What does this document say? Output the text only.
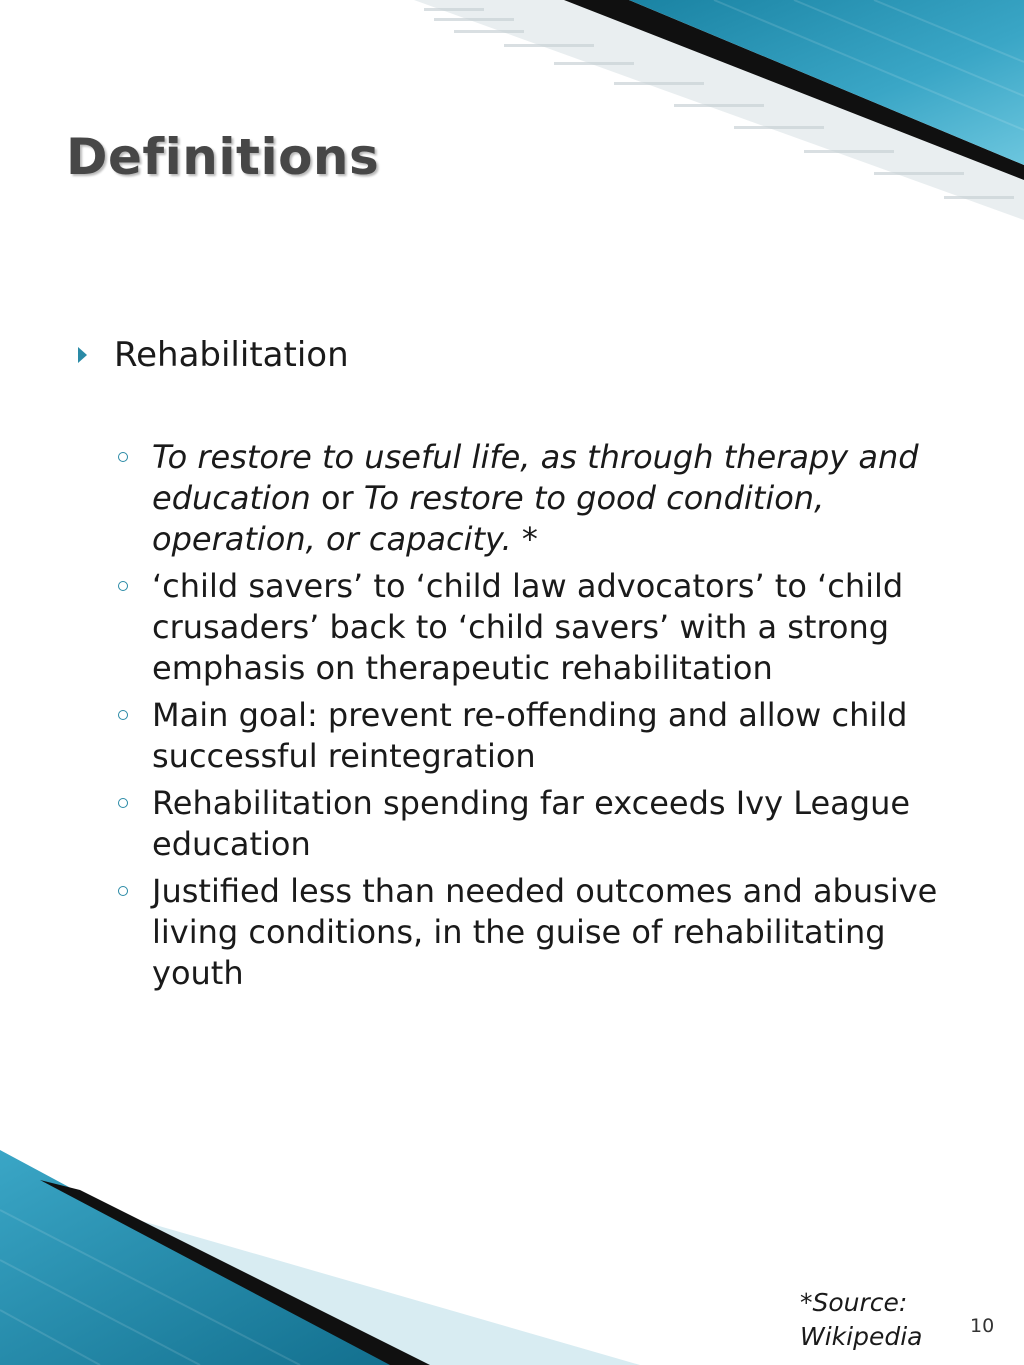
Definitions
Rehabilitation
To restore to useful life, as through therapy and education or To restore to good condition, operation, or capacity. *
‘child savers’ to ‘child law advocators’ to ‘child crusaders’ back to ‘child savers’ with a strong emphasis on therapeutic rehabilitation
Main goal: prevent re-offending and allow child successful reintegration
Rehabilitation spending far exceeds Ivy League education
Justified less than needed outcomes and abusive living conditions, in the guise of rehabilitating youth
*Source:
Wikipedia	10
